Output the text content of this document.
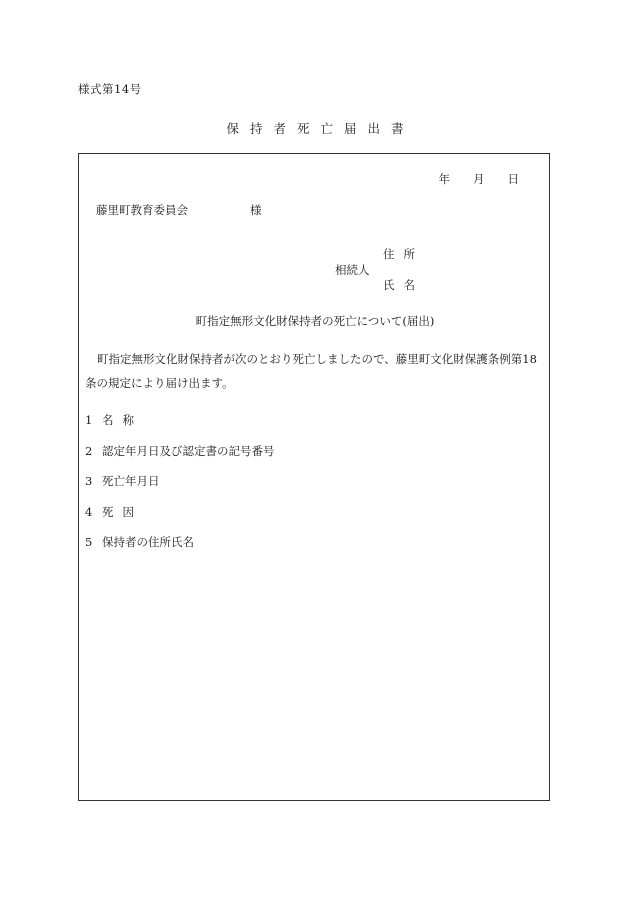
様式第14号
保持者死亡届出書
年　　月　　日
藤里町教育委員会	様
住所
相続人
氏名
町指定無形文化財保持者の死亡について(届出)
町指定無形文化財保持者が次のとおり死亡しましたので、藤里町文化財保護条例第18条の規定により届け出ます。
1 名称
2 認定年月日及び認定書の記号番号
3 死亡年月日
4 死因
5 保持者の住所氏名
